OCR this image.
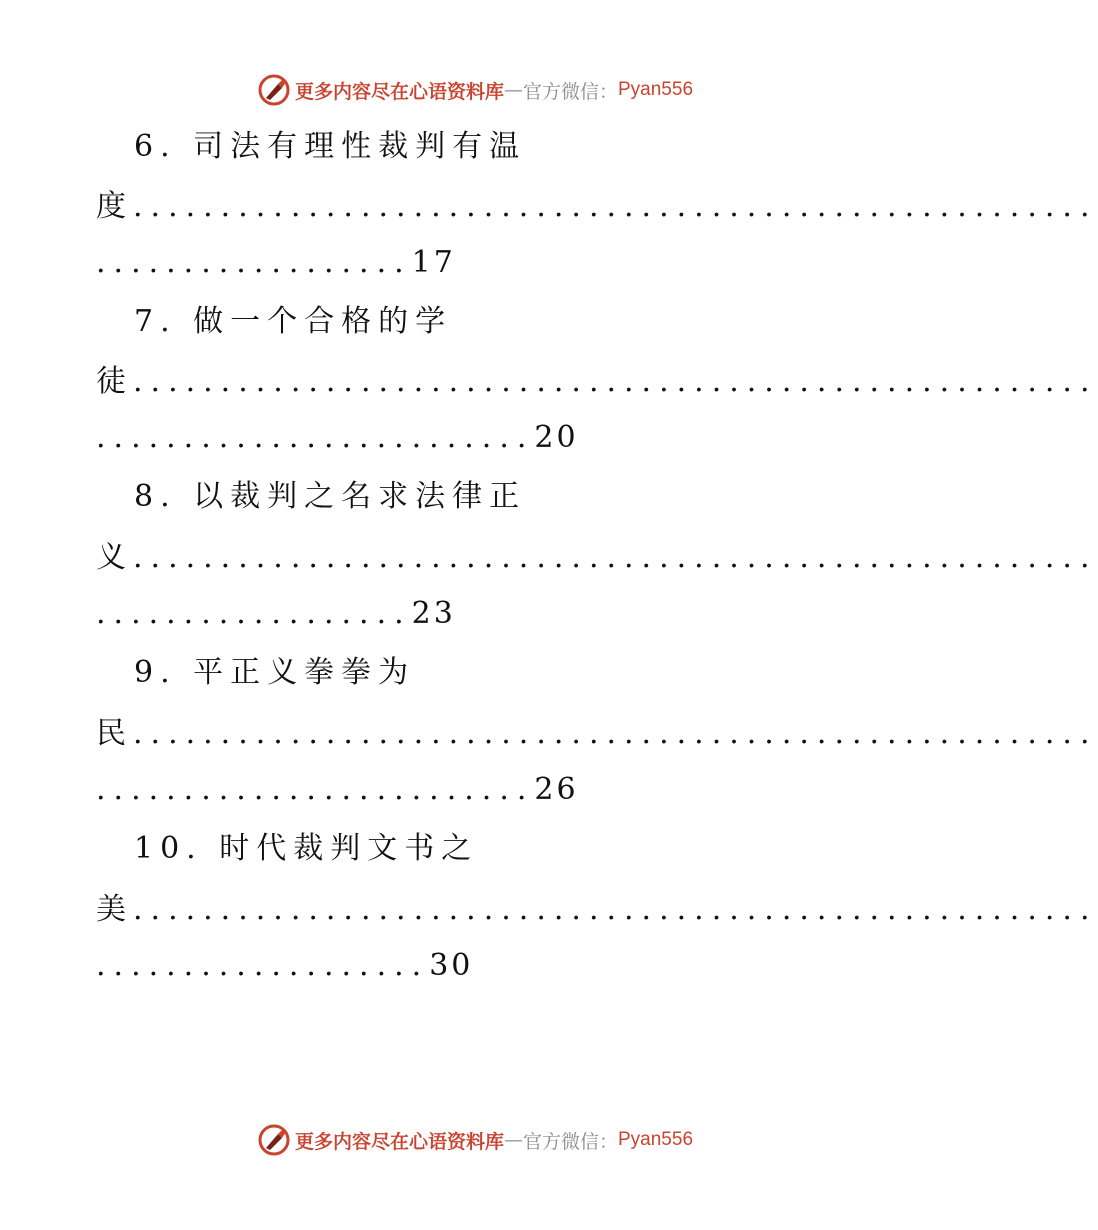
更多内容尽在心语资料库 — 官方微信： Pyan556
6. 司法有理性裁判有温
度.......................................................
..................17
7. 做一个合格的学
徒.......................................................
.........................20
8. 以裁判之名求法律正
义.......................................................
..................23
9. 平正义拳拳为
民.......................................................
.........................26
10. 时代裁判文书之
美.......................................................
...................30
更多内容尽在心语资料库 — 官方微信： Pyan556
